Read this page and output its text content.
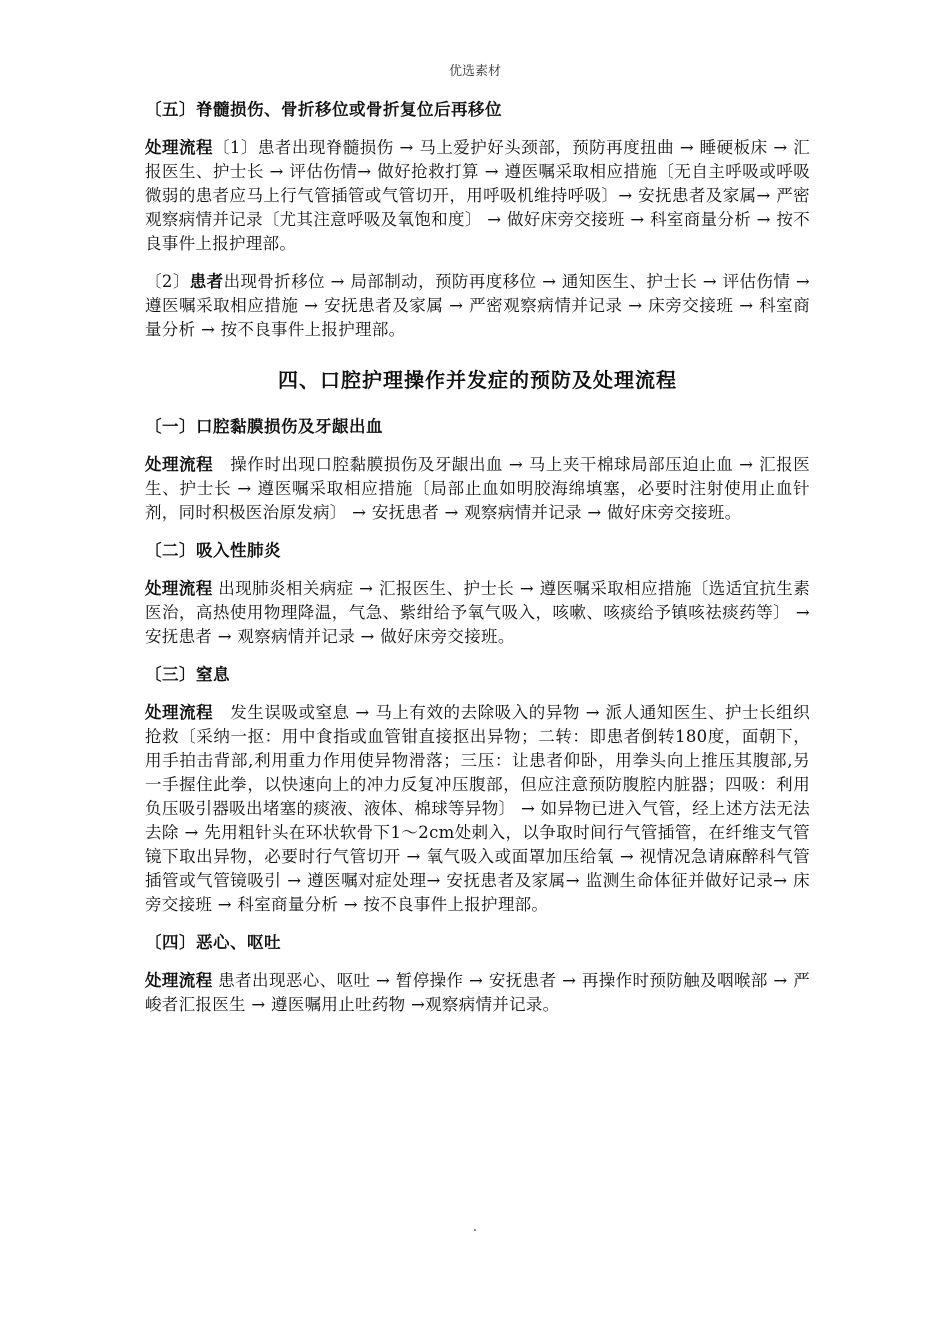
优选素材
〔五〕脊髓损伤、骨折移位或骨折复位后再移位

处理流程〔1〕患者出现脊髓损伤 → 马上爱护好头颈部，预防再度扭曲 → 睡硬板床 → 汇报医生、护士长 → 评估伤情→ 做好抢救打算 → 遵医嘱采取相应措施〔无自主呼吸或呼吸微弱的患者应马上行气管插管或气管切开，用呼吸机维持呼吸〕→ 安抚患者及家属→ 严密观察病情并记录〔尤其注意呼吸及氧饱和度〕 → 做好床旁交接班 → 科室商量分析 → 按不良事件上报护理部。

〔2〕患者出现骨折移位 → 局部制动，预防再度移位 → 通知医生、护士长 → 评估伤情 → 遵医嘱采取相应措施 → 安抚患者及家属 → 严密观察病情并记录 → 床旁交接班 → 科室商量分析 → 按不良事件上报护理部。

四、口腔护理操作并发症的预防及处理流程
〔一〕口腔黏膜损伤及牙龈出血

处理流程　操作时出现口腔黏膜损伤及牙龈出血 → 马上夹干棉球局部压迫止血 → 汇报医生、护士长 → 遵医嘱采取相应措施〔局部止血如明胶海绵填塞，必要时注射使用止血针剂，同时积极医治原发病〕 → 安抚患者 → 观察病情并记录 → 做好床旁交接班。

〔二〕吸入性肺炎

处理流程 出现肺炎相关病症 → 汇报医生、护士长 → 遵医嘱采取相应措施〔选适宜抗生素医治，高热使用物理降温，气急、紫绀给予氧气吸入，咳嗽、咳痰给予镇咳祛痰药等〕 → 安抚患者 → 观察病情并记录 → 做好床旁交接班。

〔三〕窒息

处理流程　发生误吸或窒息 → 马上有效的去除吸入的异物 → 派人通知医生、护士长组织抢救〔采纳一抠：用中食指或血管钳直接抠出异物；二转：即患者倒转180度，面朝下，用手拍击背部,利用重力作用使异物滑落；三压：让患者仰卧，用拳头向上推压其腹部,另一手握住此拳，以快速向上的冲力反复冲压腹部，但应注意预防腹腔内脏器；四吸：利用负压吸引器吸出堵塞的痰液、液体、棉球等异物〕 → 如异物已进入气管，经上述方法无法去除 → 先用粗针头在环状软骨下1～2cm处刺入，以争取时间行气管插管，在纤维支气管镜下取出异物，必要时行气管切开 → 氧气吸入或面罩加压给氧 → 视情况急请麻醉科气管插管或气管镜吸引 → 遵医嘱对症处理→ 安抚患者及家属→ 监测生命体征并做好记录→ 床旁交接班 → 科室商量分析 → 按不良事件上报护理部。

〔四〕恶心、呕吐

处理流程 患者出现恶心、呕吐 → 暂停操作 → 安抚患者 → 再操作时预防触及咽喉部 → 严峻者汇报医生 → 遵医嘱用止吐药物 →观察病情并记录。

.
